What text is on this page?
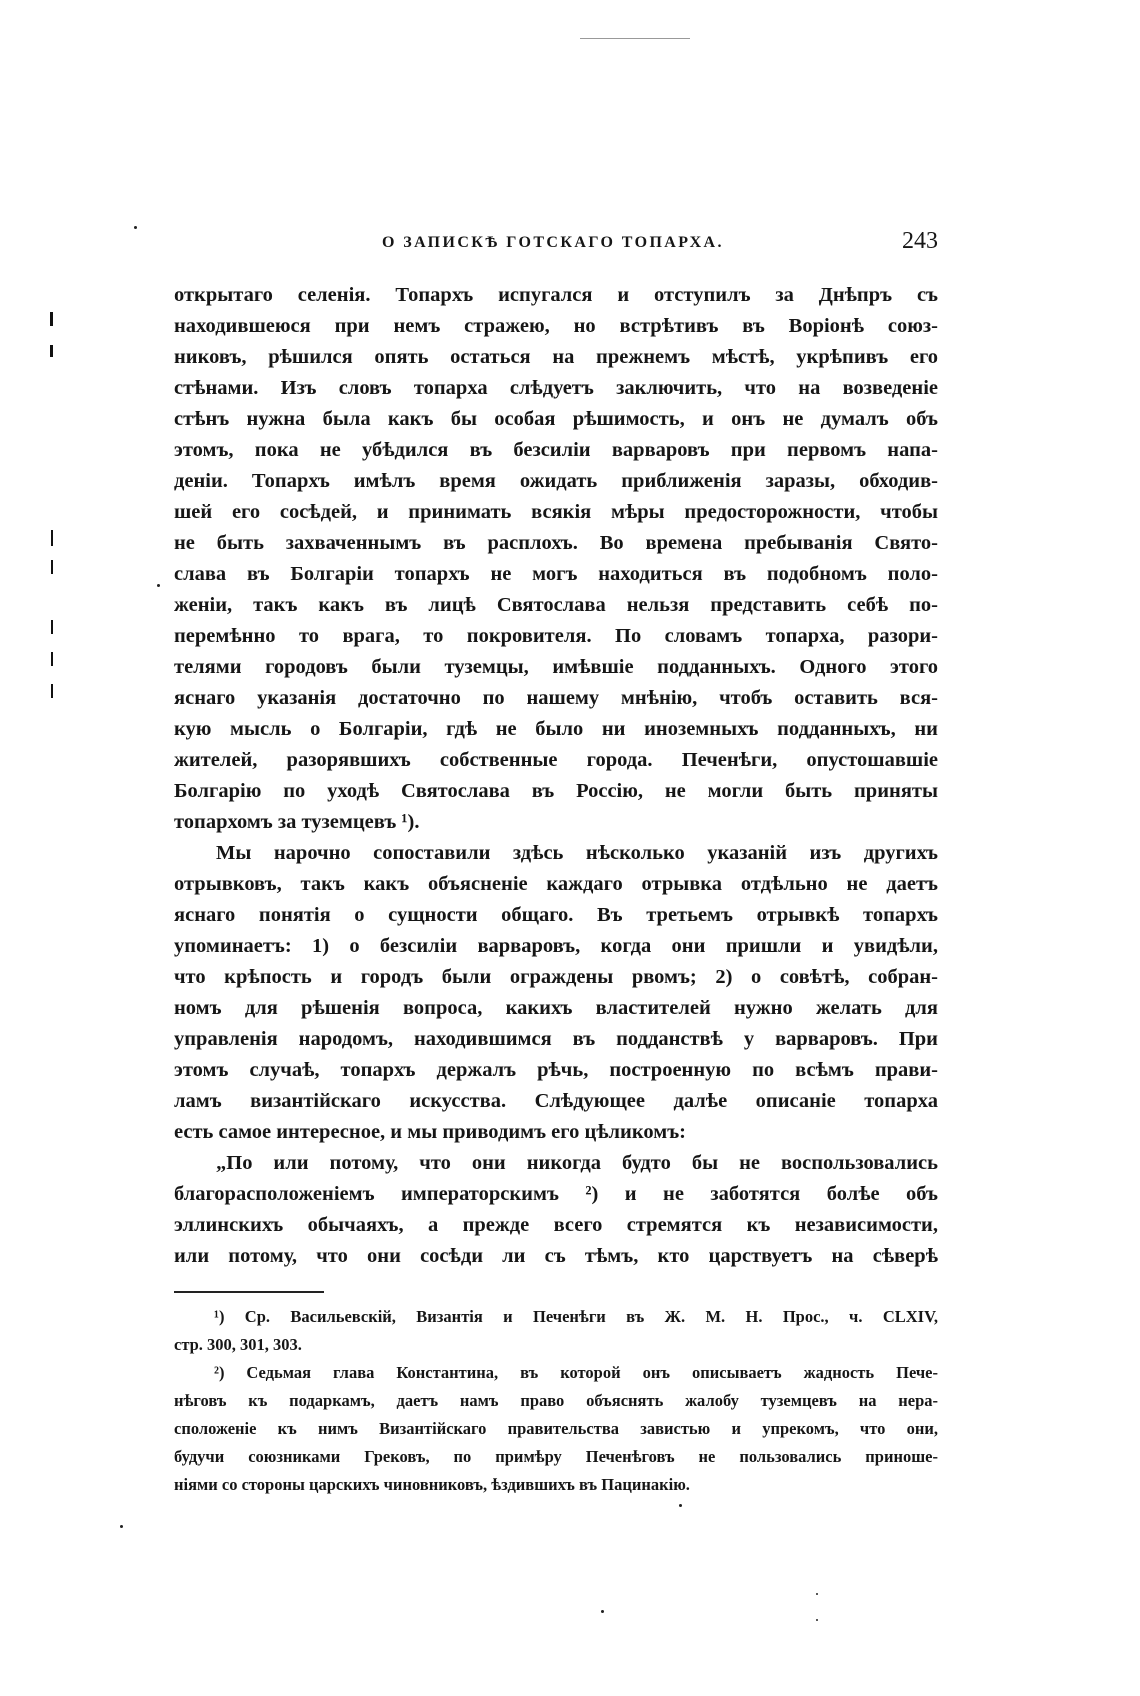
О ЗАПИСКѢ ГОТСКАГО ТОПАРХА.	243
открытаго селенія. Топархъ испугался и отступилъ за Днѣпръ съ
находившеюся при немъ стражею, но встрѣтивъ въ Воріонѣ союз-
никовъ, рѣшился опять остаться на прежнемъ мѣстѣ, укрѣпивъ его
стѣнами. Изъ словъ топарха слѣдуетъ заключить, что на возведеніе
стѣнъ нужна была какъ бы особая рѣшимость, и онъ не думалъ объ
этомъ, пока не убѣдился въ безсиліи варваровъ при первомъ напа-
деніи. Топархъ имѣлъ время ожидать приближенія заразы, обходив-
шей его сосѣдей, и принимать всякія мѣры предосторожности, чтобы
не быть захваченнымъ въ расплохъ. Во времена пребыванія Свято-
слава въ Болгаріи топархъ не могъ находиться въ подобномъ поло-
женіи, такъ какъ въ лицѣ Святослава нельзя представить себѣ по-
перемѣнно то врага, то покровителя. По словамъ топарха, разори-
телями городовъ были туземцы, имѣвшіе подданныхъ. Одного этого
яснаго указанія достаточно по нашему мнѣнію, чтобъ оставить вся-
кую мысль о Болгаріи, гдѣ не было ни иноземныхъ подданныхъ, ни
жителей, разорявшихъ собственные города. Печенѣги, опустошавшіе
Болгарію по уходѣ Святослава въ Россію, не могли быть приняты
топархомъ за туземцевъ ¹).
Мы нарочно сопоставили здѣсь нѣсколько указаній изъ другихъ
отрывковъ, такъ какъ объясненіе каждаго отрывка отдѣльно не даетъ
яснаго понятія о сущности общаго. Въ третьемъ отрывкѣ топархъ
упоминаетъ: 1) о безсиліи варваровъ, когда они пришли и увидѣли,
что крѣпость и городъ были ограждены рвомъ; 2) о совѣтѣ, собран-
номъ для рѣшенія вопроса, какихъ властителей нужно желать для
управленія народомъ, находившимся въ подданствѣ у варваровъ. При
этомъ случаѣ, топархъ держалъ рѣчь, построенную по всѣмъ прави-
ламъ византійскаго искусства. Слѣдующее далѣе описаніе топарха
есть самое интересное, и мы приводимъ его цѣликомъ:
„По или потому, что они никогда будто бы не воспользовались
благорасположеніемъ императорскимъ ²) и не заботятся болѣе объ
эллинскихъ обычаяхъ, а прежде всего стремятся къ независимости,
или потому, что они сосѣди ли съ тѣмъ, кто царствуетъ на сѣверѣ
¹) Ср. Васильевскій, Византія и Печенѣги въ Ж. М. Н. Прос., ч. CLXIV,
стр. 300, 301, 303.
²) Седьмая глава Константина, въ которой онъ описываетъ жадность Пече-
нѣговъ къ подаркамъ, даетъ намъ право объяснять жалобу туземцевъ на нера-
сположеніе къ нимъ Византійскаго правительства завистью и упрекомъ, что они,
будучи союзниками Грековъ, по примѣру Печенѣговъ не пользовались приноше-
ніями со стороны царскихъ чиновниковъ, ѣздившихъ въ Пацинакію.
